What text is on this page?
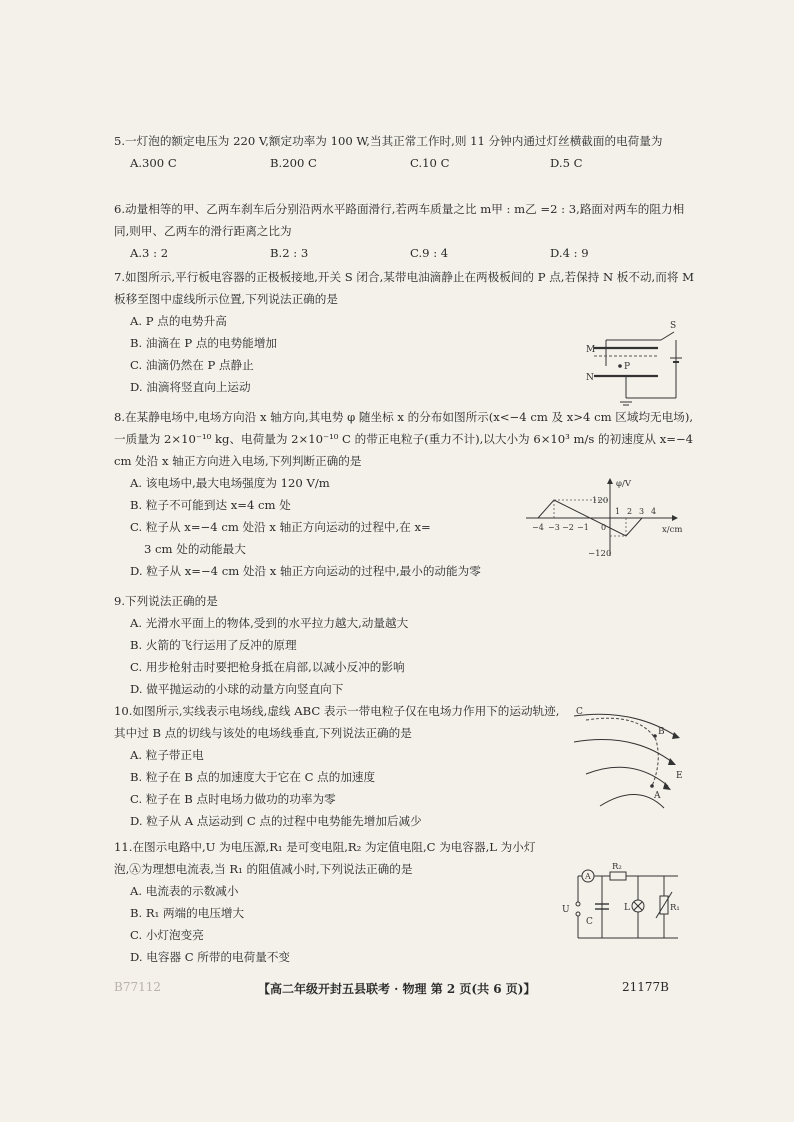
5.一灯泡的额定电压为 220 V,额定功率为 100 W,当其正常工作时,则 11 分钟内通过灯丝横截面的电荷量为
A.300 C	B.200 C	C.10 C	D.5 C
6.动量相等的甲、乙两车刹车后分别沿两水平路面滑行,若两车质量之比 m甲 : m乙 =2 : 3,路面对两车的阻力相同,则甲、乙两车的滑行距离之比为
A.3 : 2	B.2 : 3	C.9 : 4	D.4 : 9
7.如图所示,平行板电容器的正极板接地,开关 S 闭合,某带电油滴静止在两极板间的 P 点,若保持 N 板不动,而将 M 板移至图中虚线所示位置,下列说法正确的是
A. P 点的电势升高
B. 油滴在 P 点的电势能增加
C. 油滴仍然在 P 点静止
D. 油滴将竖直向上运动
M
N
S
P
8.在某静电场中,电场方向沿 x 轴方向,其电势 φ 随坐标 x 的分布如图所示(x<−4 cm 及 x>4 cm 区域均无电场),一质量为 2×10⁻¹⁰ kg、电荷量为 2×10⁻¹⁰ C 的带正电粒子(重力不计),以大小为 6×10³ m/s 的初速度从 x=−4 cm 处沿 x 轴正方向进入电场,下列判断正确的是
A. 该电场中,最大电场强度为 120 V/m
B. 粒子不可能到达 x=4 cm 处
C. 粒子从 x=−4 cm 处沿 x 轴正方向运动的过程中,在 x=
3 cm 处的动能最大
D. 粒子从 x=−4 cm 处沿 x 轴正方向运动的过程中,最小的动能为零
φ/V
x/cm
120
−120
−4 −3 −2 −1 0
1 2 3 4
9.下列说法正确的是
A. 光滑水平面上的物体,受到的水平拉力越大,动量越大
B. 火箭的飞行运用了反冲的原理
C. 用步枪射击时要把枪身抵在肩部,以减小反冲的影响
D. 做平抛运动的小球的动量方向竖直向下
10.如图所示,实线表示电场线,虚线 ABC 表示一带电粒子仅在电场力作用下的运动轨迹,其中过 B 点的切线与该处的电场线垂直,下列说法正确的是
A. 粒子带正电
B. 粒子在 B 点的加速度大于它在 C 点的加速度
C. 粒子在 B 点时电场力做功的功率为零
D. 粒子从 A 点运动到 C 点的过程中电势能先增加后减少
C
B
A
E
11.在图示电路中,U 为电压源,R₁ 是可变电阻,R₂ 为定值电阻,C 为电容器,L 为小灯泡,Ⓐ为理想电流表,当 R₁ 的阻值减小时,下列说法正确的是
A. 电流表的示数减小
B. R₁ 两端的电压增大
C. 小灯泡变亮
D. 电容器 C 所带的电荷量不变
A
U
C
L	R₁
R₂
B77112	【高二年级开封五县联考 · 物理 第 2 页(共 6 页)】	21177B
